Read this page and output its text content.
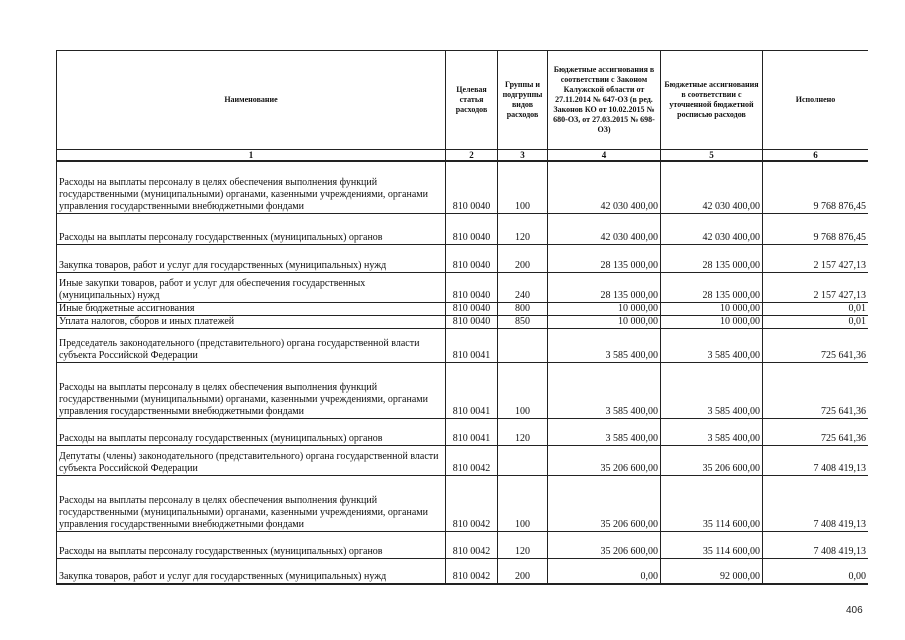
Наименование	Целевая статья расходов	Группы и подгруппы видов расходов	Бюджетные ассигнования в соответствии с Законом Калужской области от 27.11.2014 № 647-ОЗ (в ред. Законов КО от 10.02.2015 № 680-ОЗ, от 27.03.2015 № 698-ОЗ)	Бюджетные ассигнования в соответствии с уточненной бюджетной росписью расходов	Исполнено
1	2	3	4	5	6
Расходы на выплаты персоналу в целях обеспечения выполнения функций государственными (муниципальными) органами, казенными учреждениями, органами управления государственными внебюджетными фондами	810 0040	100	42 030 400,00	42 030 400,00	9 768 876,45
Расходы на выплаты персоналу государственных (муниципальных) органов	810 0040	120	42 030 400,00	42 030 400,00	9 768 876,45
Закупка товаров, работ и услуг для государственных (муниципальных) нужд	810 0040	200	28 135 000,00	28 135 000,00	2 157 427,13
Иные закупки товаров, работ и услуг для обеспечения государственных (муниципальных) нужд	810 0040	240	28 135 000,00	28 135 000,00	2 157 427,13
Иные бюджетные ассигнования	810 0040	800	10 000,00	10 000,00	0,01
Уплата налогов, сборов и иных платежей	810 0040	850	10 000,00	10 000,00	0,01
Председатель законодательного (представительного) органа государственной власти субъекта Российской Федерации	810 0041		3 585 400,00	3 585 400,00	725 641,36
Расходы на выплаты персоналу в целях обеспечения выполнения функций государственными (муниципальными) органами, казенными учреждениями, органами управления государственными внебюджетными фондами	810 0041	100	3 585 400,00	3 585 400,00	725 641,36
Расходы на выплаты персоналу государственных (муниципальных) органов	810 0041	120	3 585 400,00	3 585 400,00	725 641,36
Депутаты (члены) законодательного (представительного) органа государственной власти субъекта Российской Федерации	810 0042		35 206 600,00	35 206 600,00	7 408 419,13
Расходы на выплаты персоналу в целях обеспечения выполнения функций государственными (муниципальными) органами, казенными учреждениями, органами управления государственными внебюджетными фондами	810 0042	100	35 206 600,00	35 114 600,00	7 408 419,13
Расходы на выплаты персоналу государственных (муниципальных) органов	810 0042	120	35 206 600,00	35 114 600,00	7 408 419,13
Закупка товаров, работ и услуг для государственных (муниципальных) нужд	810 0042	200	0,00	92 000,00	0,00
406
